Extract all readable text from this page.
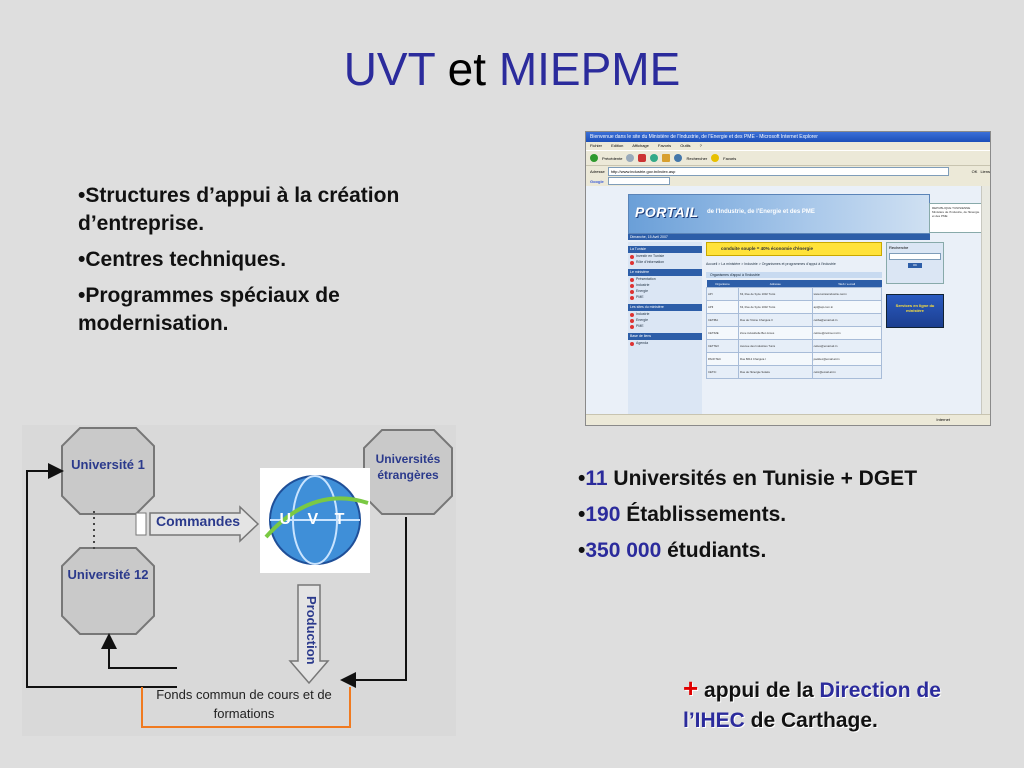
UVT et MIEPME

•Structures d’appui à la création d’entreprise.

•Centres techniques.

•Programmes spéciaux de modernisation.

Bienvenue dans le site du Ministère de l'Industrie, de l'Energie et des PME - Microsoft Internet Explorer
Fichier Edition Affichage Favoris Outils ?
Précédente	Rechercher	Favoris
Adresse	http://www.industrie.gov.tn/index.asp	OK Liens
Google
PORTAIL de l'Industrie, de l'Energie et des PME
REPUBLIQUE TUNISIENNE Ministère de l'Industrie, de l'Energie et des PME
Dimanche, 15 Avril 2007
La Tunisie
Investir en Tunisie
Rôle d'information
Le ministère
Présentation
Industrie
Energie
PME
Les sites du ministère
Industrie
Energie
PME
Base de liens
Agenda
conduite souple = 40% économie d'énergie
Accueil > La ministère > Industrie > Organismes et programmes d'appui à l'industrie
Organismes d'appui à l'Industrie
Organisme	Adresse	Web / e-mail
API	63, Rue de Syrie 1002 Tunis	www.tunisieindustrie.nat.tn
APII	63, Rue de Syrie 1002 Tunis	api@api.com.tn
CETIBA	Rue de l'Usine Charguia II	cetiba@email.ati.tn
CETIME	Zone industrielle Ben Arous	cetime@cetime.ind.tn
CETTEX	Avenue des Industries Tunis	cettex@email.ati.tn
PACKTEC	Rue 8612 Charguia I	packtec@email.ati.tn
CETIC	Rue de l'Energie Solaire	cetic@email.ati.tn
Recherche
OK
Services en ligne du ministère
Internet
Université 1
Université 12
Universités étrangères
Commandes	U V T
Production
Fonds commun de cours et de formations

•11 Universités en Tunisie + DGET

•190 Établissements.

•350 000 étudiants.

+ appui de la Direction de l’IHEC de Carthage.
